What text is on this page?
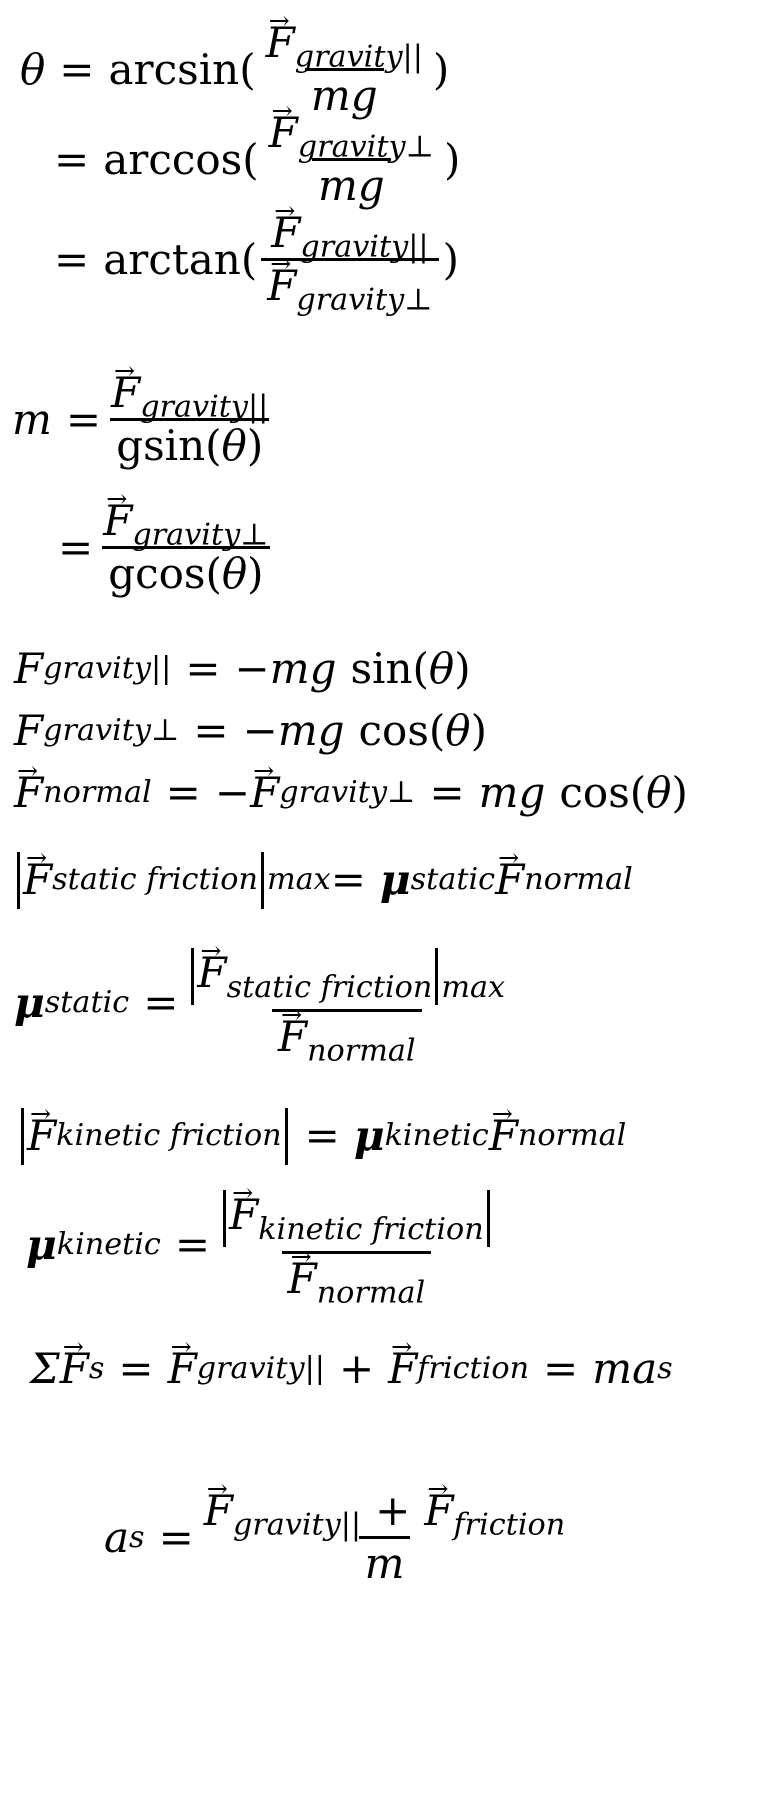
θ = arcsin ( → $\frac{F_{gravity||}}{mg}$ )
= arccos ( → $\frac{F_{gravity\perp}}{mg}$ )
= arctan ( → $F_{gravity||}$
→ $F_{gravity\perp}$ )
m = → $\frac{F_{gravity||}}{gsin(\theta)}$
= → $\frac{F_{gravity\perp}}{gcos(\theta)}$
F gravity|| = − mg sin ( θ )
F gravity⊥ = − mg cos ( θ )
→ F normal = − → F gravity⊥ = mg cos ( θ )
→ F static friction max = μ static → F normal
μ static = → $F_{static friction}$ $_{max}$
→ $F_{normal}$
→ F kinetic friction = μ kinetic → F normal
μ kinetic = → $F_{kinetic friction}$
→ $F_{normal}$
Σ → F s = → F gravity|| + → F friction = ma s
a s = → $\frac{F_{gravity||} + \to F_{friction}}{m}$
